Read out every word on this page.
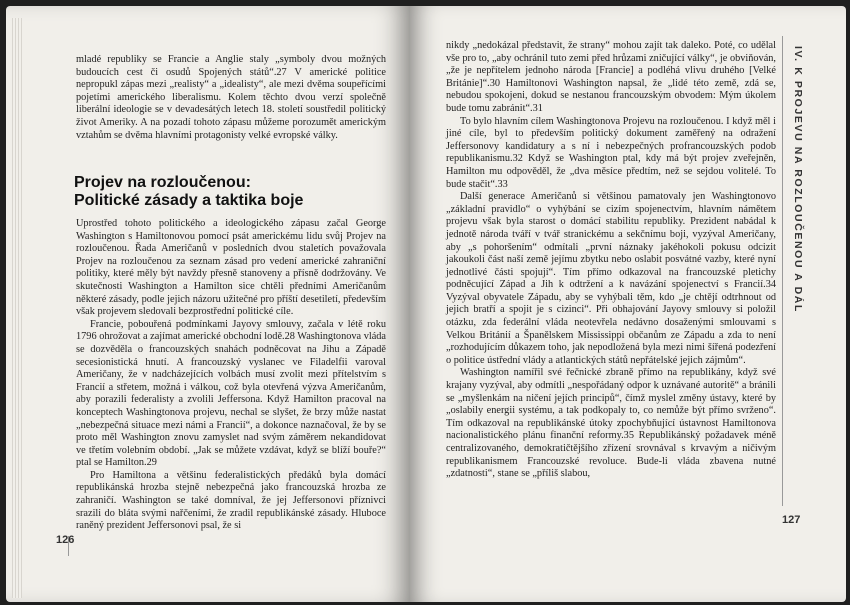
mladé republiky se Francie a Anglie staly „symboly dvou možných budoucích cest či osudů Spojených států“.27 V americké politice nepropukl zápas mezi „realisty“ a „idealisty“, ale mezi dvěma soupeřícími pojetími amerického liberalismu. Kolem těchto dvou verzí společně liberální ideologie se v devadesátých letech 18. století soustředil politický život Ameriky. A na pozadí tohoto zápasu můžeme porozumět americkým vztahům se dvěma hlavními protagonisty velké evropské války.

Projev na rozloučenou:
Politické zásady a taktika boje

Uprostřed tohoto politického a ideologického zápasu začal George Washington s Hamiltonovou pomocí psát americkému lidu svůj Projev na rozloučenou. Řada Američanů v posledních dvou staletích považovala Projev na rozloučenou za seznam zásad pro vedení americké zahraniční politiky, které měly být navždy přesně stanoveny a přísně dodržovány. Ve skutečnosti Washington a Hamilton sice chtěli předními Američanům některé zásady, podle jejich názoru užitečné pro příští desetiletí, především však projevem sledovali bezprostřední politické cíle.

Francie, pobouřená podmínkami Jayovy smlouvy, začala v létě roku 1796 ohrožovat a zajímat americké obchodní lodě.28 Washingtonova vláda se dozvěděla o francouzských snahách podněcovat na Jihu a Západě secesionistická hnutí. A francouzský vyslanec ve Filadelfii varoval Američany, že v nadcházejících volbách musí zvolit mezi přítelstvím s Francií a střetem, možná i válkou, což byla otevřená výzva Američanům, aby porazili federalisty a zvolili Jeffersona. Když Hamilton pracoval na konceptech Washingtonova projevu, nechal se slyšet, že brzy může nastat „nebezpečná situace mezi námi a Francií“, a dokonce naznačoval, že by se proto měl Washington znovu zamyslet nad svým záměrem nekandidovat ve třetím volebním období. „Jak se můžete vzdávat, když se blíží bouře?“ ptal se Hamilton.29

Pro Hamiltona a většinu federalistických předáků byla domácí republikánská hrozba stejně nebezpečná jako francouzská hrozba ze zahraničí. Washington se také domníval, že jej Jeffersonovi příznivci srazili do bláta svými nařčeními, že zradil republikánské zásady. Hluboce raněný prezident Jeffersonovi psal, že si

126

nikdy „nedokázal představit, že strany“ mohou zajít tak daleko. Poté, co udělal vše pro to, „aby ochránil tuto zemi před hrůzami zničující války“, je obviňován, „že je nepřítelem jednoho národa [Francie] a podléhá vlivu druhého [Velké Británie]“.30 Hamiltonovi Washington napsal, že „lidé této země, zdá se, nebudou spokojeni, dokud se nestanou francouzským obvodem: Mým úkolem bude tomu zabránit“.31

To bylo hlavním cílem Washingtonova Projevu na rozloučenou. I když měl i jiné cíle, byl to především politický dokument zaměřený na odražení Jeffersonovy kandidatury a s ní i nebezpečných profrancouzských podob republikanismu.32 Když se Washington ptal, kdy má být projev zveřejněn, Hamilton mu odpověděl, že „dva měsíce předtím, než se sejdou volitelé. To bude stačit“.33

Další generace Američanů si většinou pamatovaly jen Washingtonovo „základní pravidlo“ o vyhýbání se cizím spojenectvím, hlavním námětem projevu však byla starost o domácí stabilitu republiky. Prezident nabádal k jednotě národa tváří v tvář stranickému a sekčnímu boji, vyzýval Američany, aby „s pohoršením“ odmítali „první náznaky jakéhokoli pokusu odcizit jakoukoli část naší země jejímu zbytku nebo oslabit posvátné vazby, které nyní jednotlivé části spojují“. Tím přímo odkazoval na francouzské pletichy podněcující Západ a Jih k odtržení a k navázání spojenectví s Francií.34 Vyzýval obyvatele Západu, aby se vyhýbali těm, kdo „je chtějí odtrhnout od jejich bratří a spojit je s cizinci“. Při obhajování Jayovy smlouvy si položil otázku, zda federální vláda neotevřela nedávno dosaženými smlouvami s Velkou Británií a Španělskem Mississippi občanům ze Západu a zda to není „rozhodujícím důkazem toho, jak nepodložená byla mezi nimi šířená podezření o politice ústřední vlády a atlantických států nepřátelské jejich zájmům“.

Washington namířil své řečnické zbraně přímo na republikány, když své krajany vyzýval, aby odmítli „nespořádaný odpor k uznávané autoritě“ a bránili se „myšlenkám na ničení jejích principů“, čímž myslel změny ústavy, které by „oslabily energii systému, a tak podkopaly to, co nemůže být přímo svrženo“. Tím odkazoval na republikánské útoky zpochybňující ústavnost Hamiltonova nacionalistického plánu finanční reformy.35 Republikánský požadavek méně centralizovaného, demokratičtějšího zřízení srovnával s krvavým a ničivým republikanismem Francouzské revoluce. Bude-li vláda zbavena nutné „zdatnosti“, stane se „příliš slabou,

IV. K PROJEVU NA ROZLOUČENOU A DÁL
127
